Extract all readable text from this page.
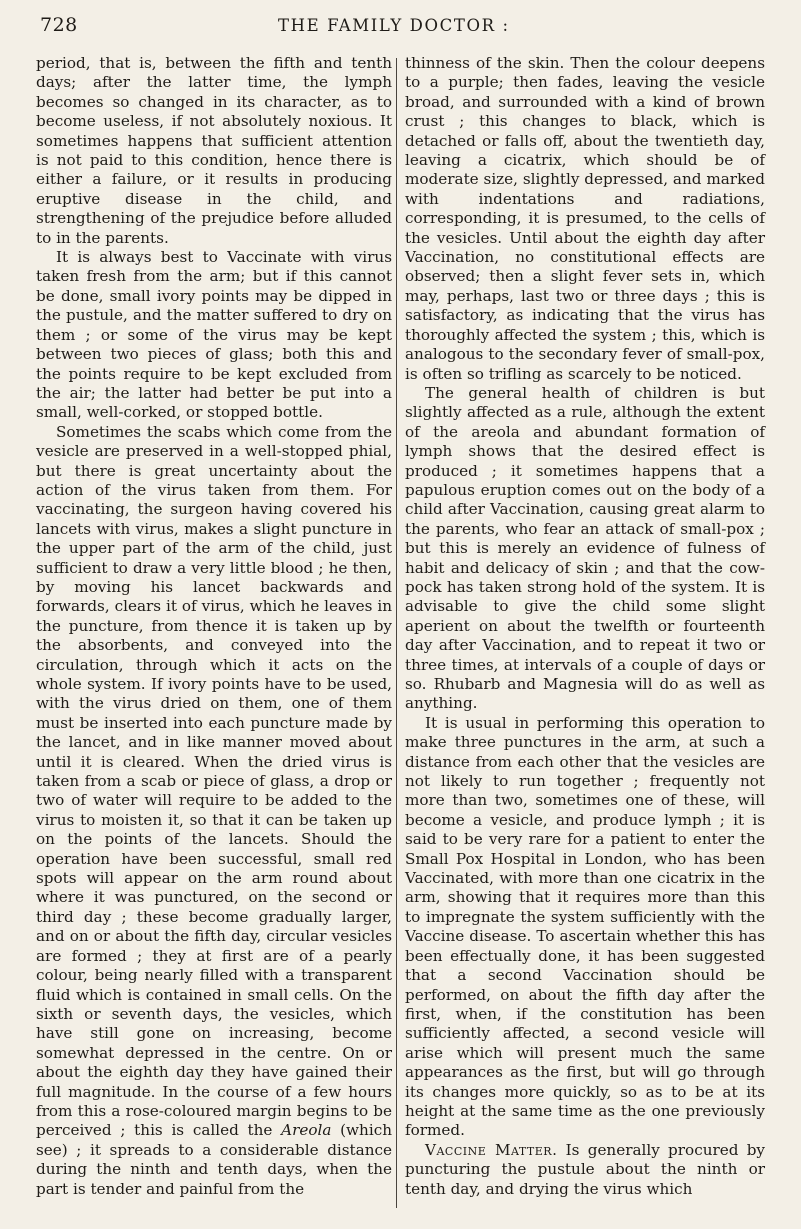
728	THE FAMILY DOCTOR :

period, that is, between the fifth and tenth days; after the latter time, the lymph becomes so changed in its character, as to become useless, if not absolutely noxious. It sometimes happens that sufficient attention is not paid to this condition, hence there is either a failure, or it results in producing eruptive disease in the child, and strengthening of the prejudice before alluded to in the parents.

It is always best to Vaccinate with virus taken fresh from the arm; but if this cannot be done, small ivory points may be dipped in the pustule, and the matter suffered to dry on them ; or some of the virus may be kept between two pieces of glass; both this and the points require to be kept excluded from the air; the latter had better be put into a small, well-corked, or stopped bottle.

Sometimes the scabs which come from the vesicle are preserved in a well-stopped phial, but there is great uncertainty about the action of the virus taken from them. For vaccinating, the surgeon having covered his lancets with virus, makes a slight puncture in the upper part of the arm of the child, just sufficient to draw a very little blood ; he then, by moving his lancet backwards and forwards, clears it of virus, which he leaves in the puncture, from thence it is taken up by the absorbents, and conveyed into the circulation, through which it acts on the whole system. If ivory points have to be used, with the virus dried on them, one of them must be inserted into each puncture made by the lancet, and in like manner moved about until it is cleared. When the dried virus is taken from a scab or piece of glass, a drop or two of water will require to be added to the virus to moisten it, so that it can be taken up on the points of the lancets. Should the operation have been successful, small red spots will appear on the arm round about where it was punctured, on the second or third day ; these become gradually larger, and on or about the fifth day, circular vesicles are formed ; they at first are of a pearly colour, being nearly filled with a transparent fluid which is contained in small cells. On the sixth or seventh days, the vesicles, which have still gone on increasing, become somewhat depressed in the centre. On or about the eighth day they have gained their full magnitude. In the course of a few hours from this a rose-coloured margin begins to be perceived ; this is called the Areola (which see) ; it spreads to a considerable distance during the ninth and tenth days, when the part is tender and painful from the

thinness of the skin. Then the colour deepens to a purple; then fades, leaving the vesicle broad, and surrounded with a kind of brown crust ; this changes to black, which is detached or falls off, about the twentieth day, leaving a cicatrix, which should be of moderate size, slightly depressed, and marked with indentations and radiations, corresponding, it is presumed, to the cells of the vesicles. Until about the eighth day after Vaccination, no constitutional effects are observed; then a slight fever sets in, which may, perhaps, last two or three days ; this is satisfactory, as indicating that the virus has thoroughly affected the system ; this, which is analogous to the secondary fever of small-pox, is often so trifling as scarcely to be noticed.

The general health of children is but slightly affected as a rule, although the extent of the areola and abundant formation of lymph shows that the desired effect is produced ; it sometimes happens that a papulous eruption comes out on the body of a child after Vaccination, causing great alarm to the parents, who fear an attack of small-pox ; but this is merely an evidence of fulness of habit and delicacy of skin ; and that the cow-pock has taken strong hold of the system. It is advisable to give the child some slight aperient on about the twelfth or fourteenth day after Vaccination, and to repeat it two or three times, at intervals of a couple of days or so. Rhubarb and Magnesia will do as well as anything.

It is usual in performing this operation to make three punctures in the arm, at such a distance from each other that the vesicles are not likely to run together ; frequently not more than two, sometimes one of these, will become a vesicle, and produce lymph ; it is said to be very rare for a patient to enter the Small Pox Hospital in London, who has been Vaccinated, with more than one cicatrix in the arm, showing that it requires more than this to impregnate the system sufficiently with the Vaccine disease. To ascertain whether this has been effectually done, it has been suggested that a second Vaccination should be performed, on about the fifth day after the first, when, if the constitution has been sufficiently affected, a second vesicle will arise which will present much the same appearances as the first, but will go through its changes more quickly, so as to be at its height at the same time as the one previously formed.

Vaccine Matter. Is generally procured by puncturing the pustule about the ninth or tenth day, and drying the virus which
